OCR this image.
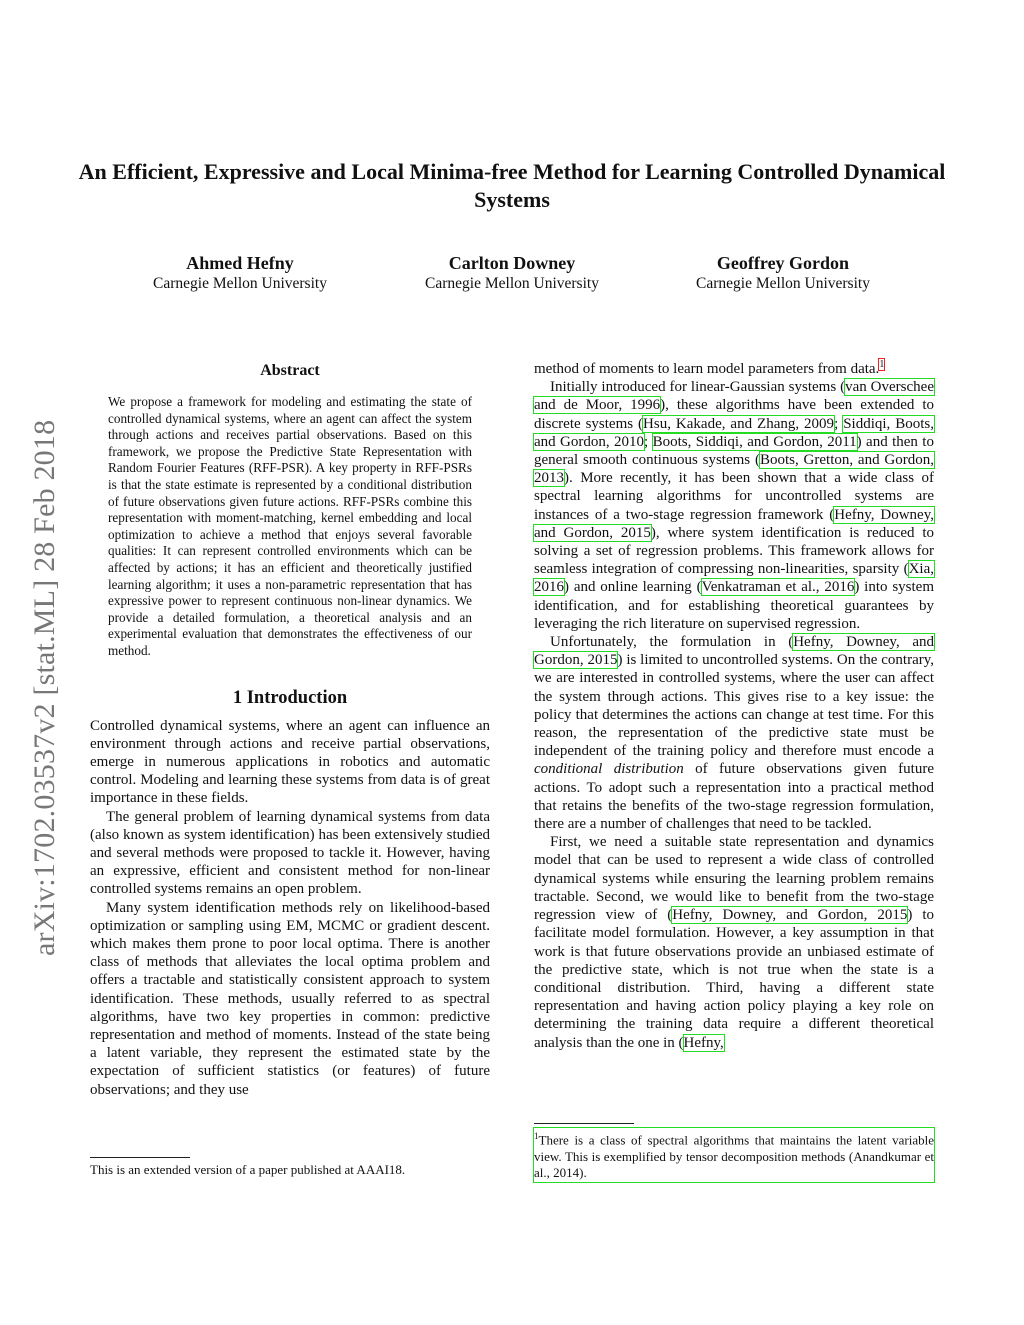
An Efficient, Expressive and Local Minima-free Method for Learning Controlled Dynamical Systems
Ahmed Hefny
Carnegie Mellon University
Carlton Downey
Carnegie Mellon University
Geoffrey Gordon
Carnegie Mellon University
arXiv:1702.03537v2 [stat.ML] 28 Feb 2018
Abstract
We propose a framework for modeling and estimating the state of controlled dynamical systems, where an agent can affect the system through actions and receives partial observations. Based on this framework, we propose the Predictive State Representation with Random Fourier Features (RFF-PSR). A key property in RFF-PSRs is that the state estimate is represented by a conditional distribution of future observations given future actions. RFF-PSRs combine this representation with moment-matching, kernel embedding and local optimization to achieve a method that enjoys several favorable qualities: It can represent controlled environments which can be affected by actions; it has an efficient and theoretically justified learning algorithm; it uses a non-parametric representation that has expressive power to represent continuous non-linear dynamics. We provide a detailed formulation, a theoretical analysis and an experimental evaluation that demonstrates the effectiveness of our method.
1 Introduction

Controlled dynamical systems, where an agent can influence an environment through actions and receive partial observations, emerge in numerous applications in robotics and automatic control. Modeling and learning these systems from data is of great importance in these fields.

The general problem of learning dynamical systems from data (also known as system identification) has been extensively studied and several methods were proposed to tackle it. However, having an expressive, efficient and consistent method for non-linear controlled systems remains an open problem.

Many system identification methods rely on likelihood-based optimization or sampling using EM, MCMC or gradient descent. which makes them prone to poor local optima. There is another class of methods that alleviates the local optima problem and offers a tractable and statistically consistent approach to system identification. These methods, usually referred to as spectral algorithms, have two key properties in common: predictive representation and method of moments. Instead of the state being a latent variable, they represent the estimated state by the expectation of sufficient statistics (or features) of future observations; and they use

method of moments to learn model parameters from data.$^1$

Initially introduced for linear-Gaussian systems (van Overschee and de Moor, 1996), these algorithms have been extended to discrete systems (Hsu, Kakade, and Zhang, 2009; Siddiqi, Boots, and Gordon, 2010; Boots, Siddiqi, and Gordon, 2011) and then to general smooth continuous systems (Boots, Gretton, and Gordon, 2013). More recently, it has been shown that a wide class of spectral learning algorithms for uncontrolled systems are instances of a two-stage regression framework (Hefny, Downey, and Gordon, 2015), where system identification is reduced to solving a set of regression problems. This framework allows for seamless integration of compressing non-linearities, sparsity (Xia, 2016) and online learning (Venkatraman et al., 2016) into system identification, and for establishing theoretical guarantees by leveraging the rich literature on supervised regression.

Unfortunately, the formulation in (Hefny, Downey, and Gordon, 2015) is limited to uncontrolled systems. On the contrary, we are interested in controlled systems, where the user can affect the system through actions. This gives rise to a key issue: the policy that determines the actions can change at test time. For this reason, the representation of the predictive state must be independent of the training policy and therefore must encode a conditional distribution of future observations given future actions. To adopt such a representation into a practical method that retains the benefits of the two-stage regression formulation, there are a number of challenges that need to be tackled.

First, we need a suitable state representation and dynamics model that can be used to represent a wide class of controlled dynamical systems while ensuring the learning problem remains tractable. Second, we would like to benefit from the two-stage regression view of (Hefny, Downey, and Gordon, 2015) to facilitate model formulation. However, a key assumption in that work is that future observations provide an unbiased estimate of the predictive state, which is not true when the state is a conditional distribution. Third, having a different state representation and having action policy playing a key role on determining the training data require a different theoretical analysis than the one in (Hefny,

This is an extended version of a paper published at AAAI18.
$^1$There is a class of spectral algorithms that maintains the latent variable view. This is exemplified by tensor decomposition methods (Anandkumar et al., 2014).
